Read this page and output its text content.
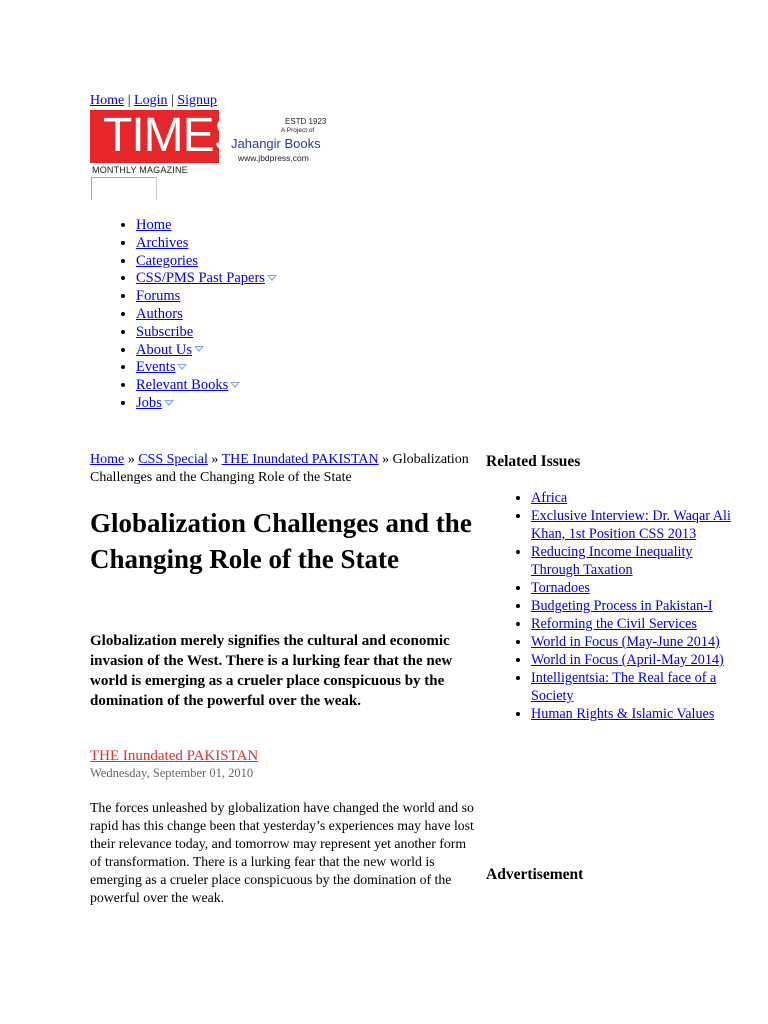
Home | Login | Signup
TIMES
MONTHLY MAGAZINE
ESTD 1923
A Project of
Jahangir Books
www.jbdpress.com
• Home
• Archives
• Categories
• CSS/PMS Past Papers
• Forums
• Authors
• Subscribe
• About Us
• Events
• Relevant Books
• Jobs
Home » CSS Special » THE Inundated PAKISTAN » Globalization Challenges and the Changing Role of the State
Globalization Challenges and the Changing Role of the State

Globalization merely signifies the cultural and economic invasion of the West. There is a lurking fear that the new world is emerging as a crueler place conspicuous by the domination of the powerful over the weak.

THE Inundated PAKISTAN
Wednesday, September 01, 2010

The forces unleashed by globalization have changed the world and so rapid has this change been that yesterday’s experiences may have lost their relevance today, and tomorrow may represent yet another form of transformation. There is a lurking fear that the new world is emerging as a crueler place conspicuous by the domination of the powerful over the weak.

Related Issues
• Africa
• Exclusive Interview: Dr. Waqar Ali Khan, 1st Position CSS 2013
• Reducing Income Inequality Through Taxation
• Tornadoes
• Budgeting Process in Pakistan-I
• Reforming the Civil Services
• World in Focus (May-June 2014)
• World in Focus (April-May 2014)
• Intelligentsia: The Real face of a Society
• Human Rights & Islamic Values
Advertisement
